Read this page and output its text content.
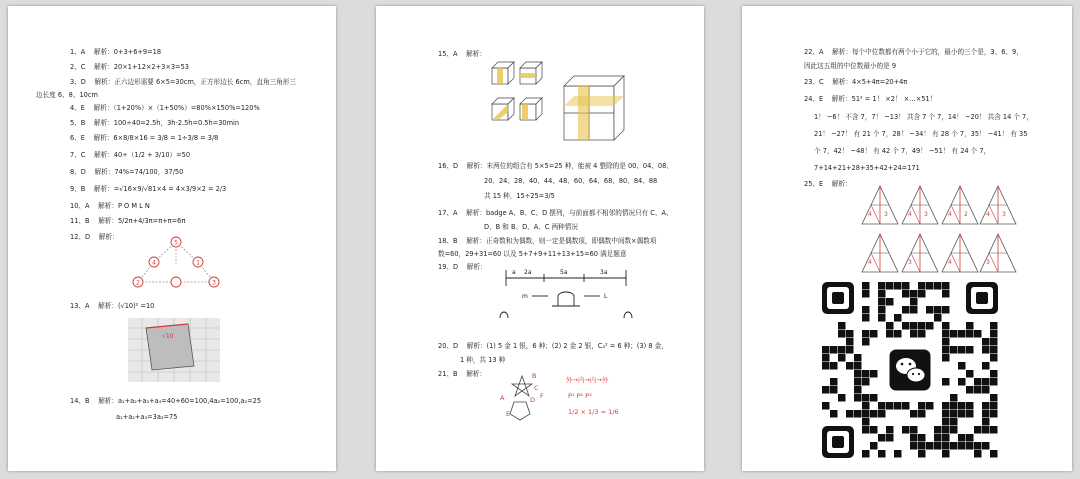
1、A　 解析：0+3+6+9=18
2、C　 解析：20×1+12×2+3×3=53
3、D　 解析：正六边形需要 6×5=30cm，正方形边长 6cm，直角三角形三
边长度 6、8、10cm
4、E　 解析：（1+20%）×（1+50%）=80%×150%=120%
5、B　 解析：100÷40=2.5h，3h-2.5h=0.5h=30min
6、E　 解析：6×8/8×16 = 3/8 = 1÷3/8 = 3/8
7、C　 解析：40÷（1/2 + 3/10）=50
8、D　 解析：74%=74/100，37/50
9、B　 解析：=√16×9/√81×4 = 4×3/9×2 = 2/3
10、A　 解析：P O M L N
11、B　 解析：5/2π+4/3π=π+π=6π
12、D　 解析：
5
4	1
2	3
13、A　 解析：(√10)² =10
√10
14、B　 解析：a₁+a₂+a₃+a₄=40+60=100,4a₂=100,a₂=25
a₁+a₂+a₃=3a₂=75
15、A　 解析：
16、D　 解析：末两位的组合有 5×5=25 种，能被 4 整除的是 00、04、08、
20、24、28、40、44、48、60、64、68、80、84、88
共 15 种，15÷25=3/5
17、A　 解析：badge A、B、C、D 摆列，与前面都不相邻的情况只有 C、A、
D、B 和 B、D、A、C 两种情况
18、B　 解析：正奇数和为偶数，则一定是偶数项，即偶数中间数×偶数项
数=60，29+31=60 以及 5+7+9+11+13+15=60 满足题意
19、D　 解析：
a 2a	5a	3a
m	L
20、D　 解析：(1) 5 金 1 银，6 种；(2) 2 金 2 银，C₄² = 6 种；(3) 8 金，
1 种，共 13 种
21、B　 解析：	B
C
D
A
E
F
外→内→内→外
P¹ P² P³
1/2 × 1/3 = 1/6
22、A　 解析：每个中位数都有两个小于它的，最小的三个是，3、6、9，
因此这五组的中位数最小的是 9
23、C　 解析：4×5+4π=20+4π
24、E　 解析：51² = 1！ ×2！ ×…×51！
1！ ~6！ 不含 7，7！ ~13！ 共含 7 个 7，14！ ~20！ 共含 14 个 7，
21！ ~27！ 有 21 个 7，28！ ~34！ 有 28 个 7，35！ ~41！ 有 35
个 7，42！ ~48！ 有 42 个 7，49！ ~51！ 有 24 个 7，
7+14+21+28+35+42+24=171
25、E　 解析：
4	4	4	4
3	3	2	3
4	3	4	3
